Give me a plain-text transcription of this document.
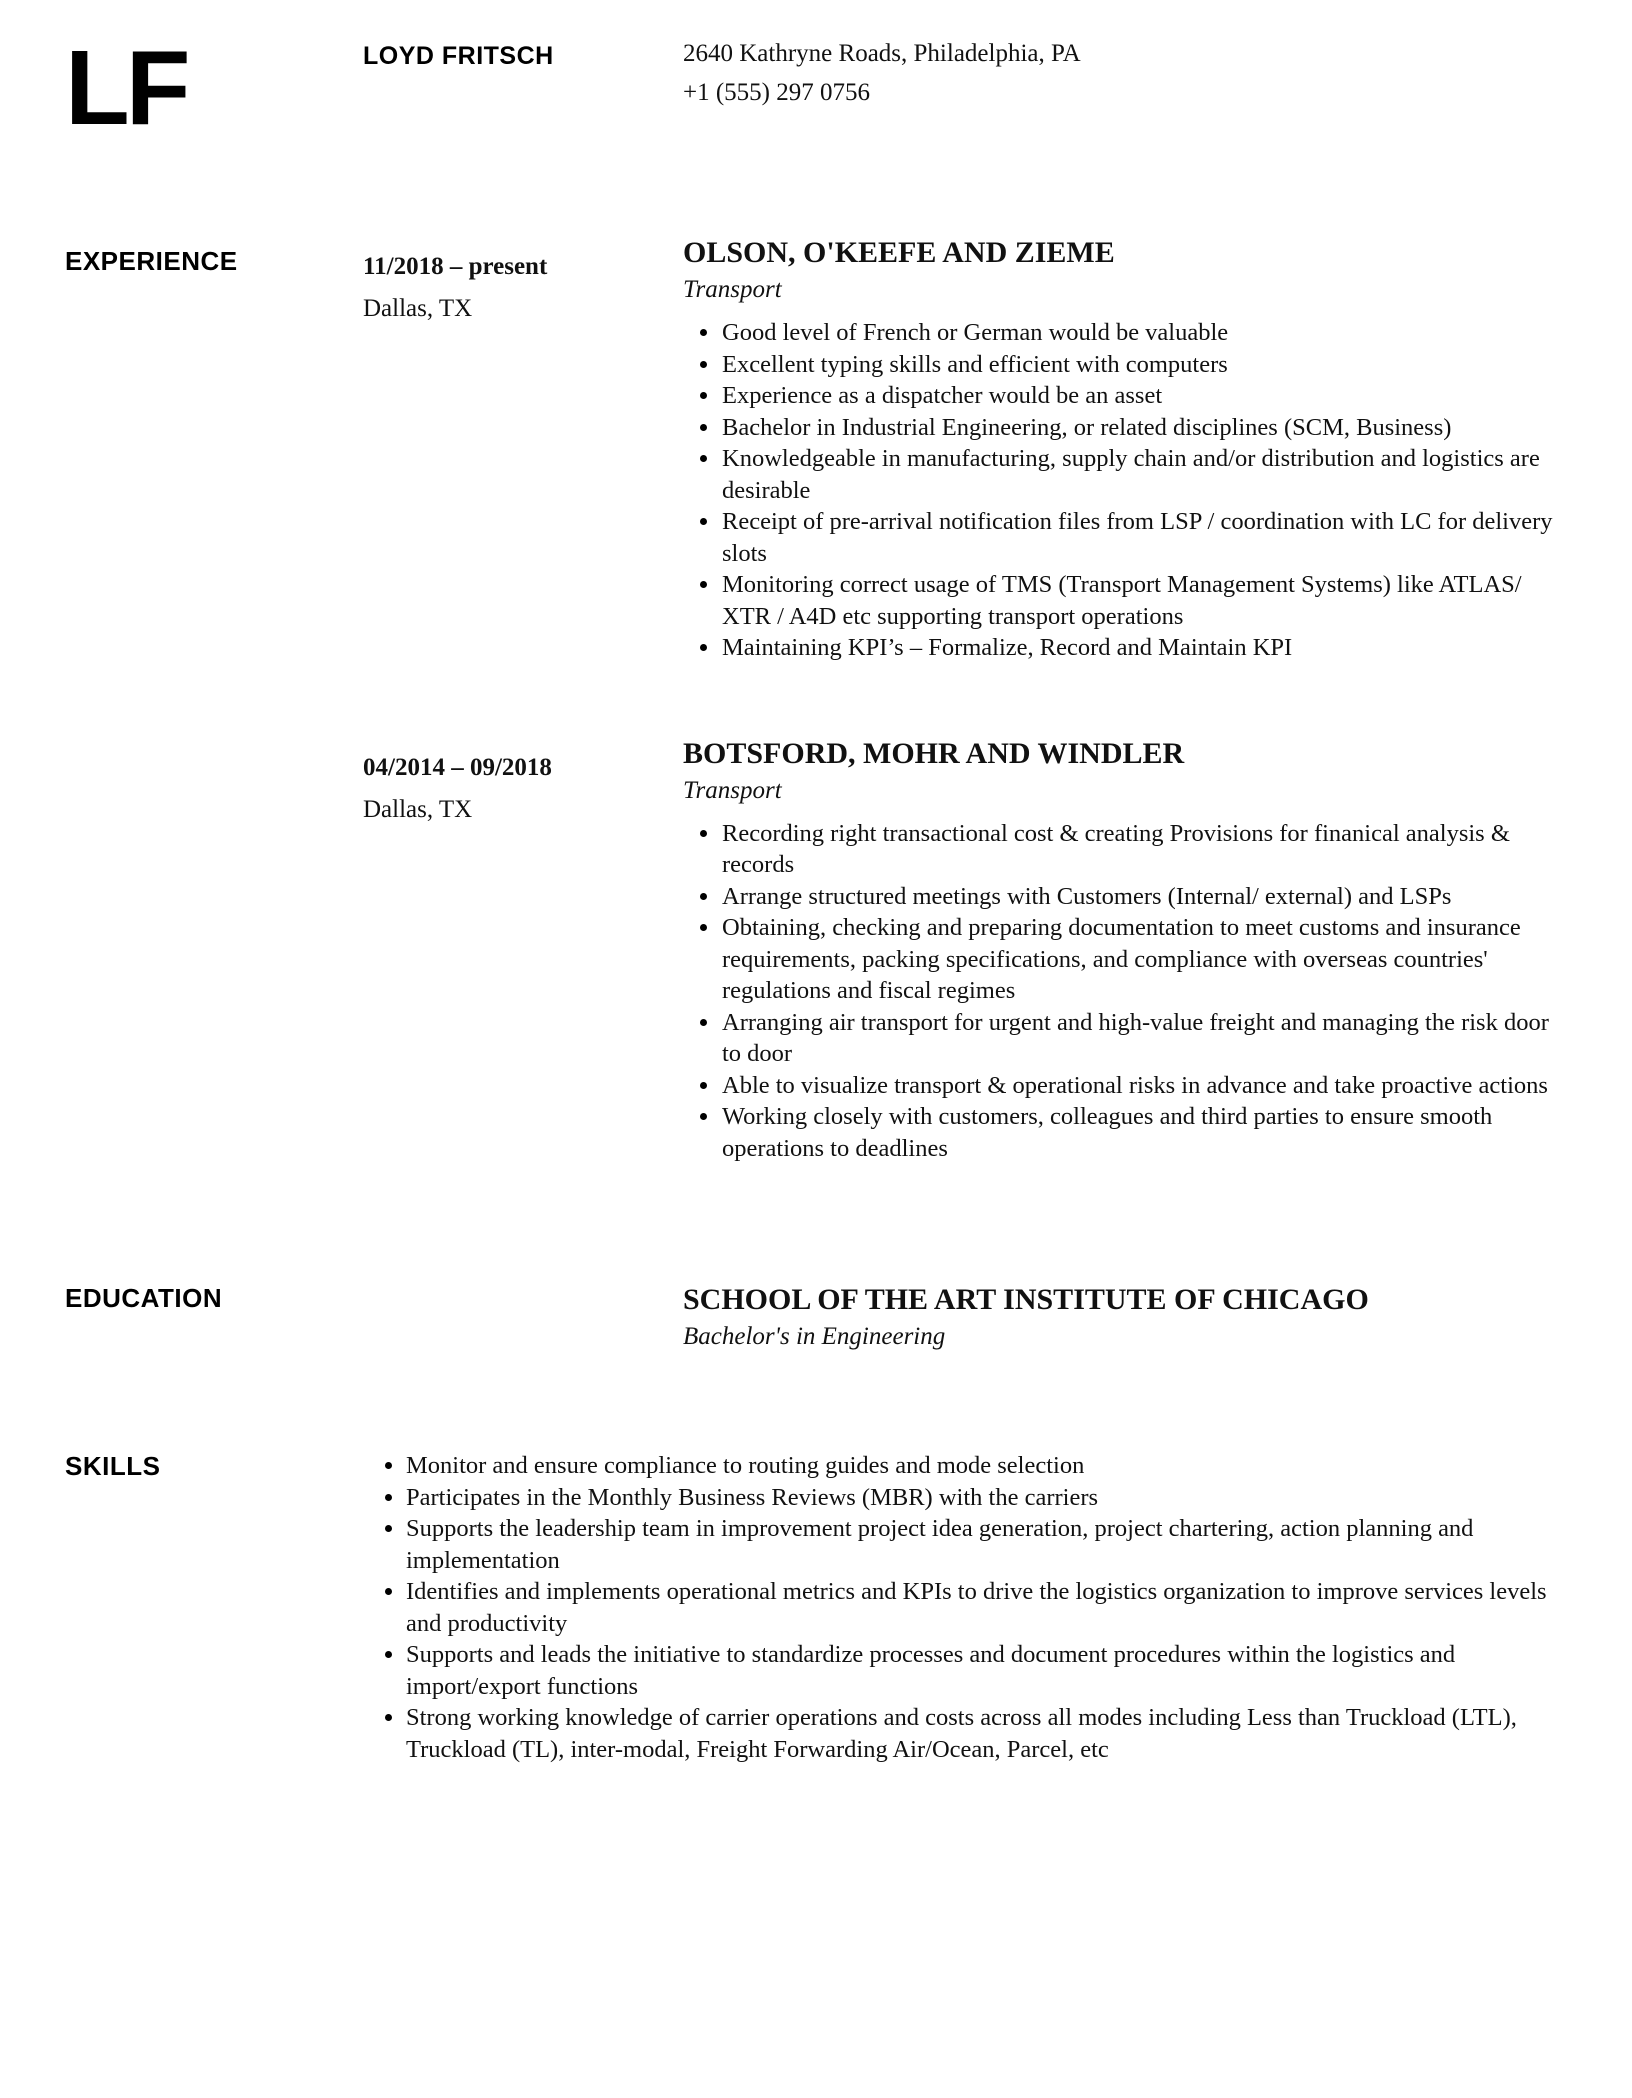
LF	LOYD FRITSCH	2640 Kathryne Roads, Philadelphia, PA
+1 (555) 297 0756
EXPERIENCE	11/2018 – present
Dallas, TX
OLSON, O'KEEFE AND ZIEME
Transport
Good level of French or German would be valuable
Excellent typing skills and efficient with computers
Experience as a dispatcher would be an asset
Bachelor in Industrial Engineering, or related disciplines (SCM, Business)
Knowledgeable in manufacturing, supply chain and/or distribution and logistics are desirable
Receipt of pre-arrival notification files from LSP / coordination with LC for delivery slots
Monitoring correct usage of TMS (Transport Management Systems) like ATLAS/ XTR / A4D etc supporting transport operations
Maintaining KPI’s – Formalize, Record and Maintain KPI
04/2014 – 09/2018
Dallas, TX
BOTSFORD, MOHR AND WINDLER
Transport
Recording right transactional cost & creating Provisions for finanical analysis & records
Arrange structured meetings with Customers (Internal/ external) and LSPs
Obtaining, checking and preparing documentation to meet customs and insurance requirements, packing specifications, and compliance with overseas countries' regulations and fiscal regimes
Arranging air transport for urgent and high-value freight and managing the risk door to door
Able to visualize transport & operational risks in advance and take proactive actions
Working closely with customers, colleagues and third parties to ensure smooth operations to deadlines
EDUCATION	SCHOOL OF THE ART INSTITUTE OF CHICAGO
Bachelor's in Engineering
SKILLS	Monitor and ensure compliance to routing guides and mode selection
Participates in the Monthly Business Reviews (MBR) with the carriers
Supports the leadership team in improvement project idea generation, project chartering, action planning and implementation
Identifies and implements operational metrics and KPIs to drive the logistics organization to improve services levels and productivity
Supports and leads the initiative to standardize processes and document procedures within the logistics and import/export functions
Strong working knowledge of carrier operations and costs across all modes including Less than Truckload (LTL), Truckload (TL), inter-modal, Freight Forwarding Air/Ocean, Parcel, etc
